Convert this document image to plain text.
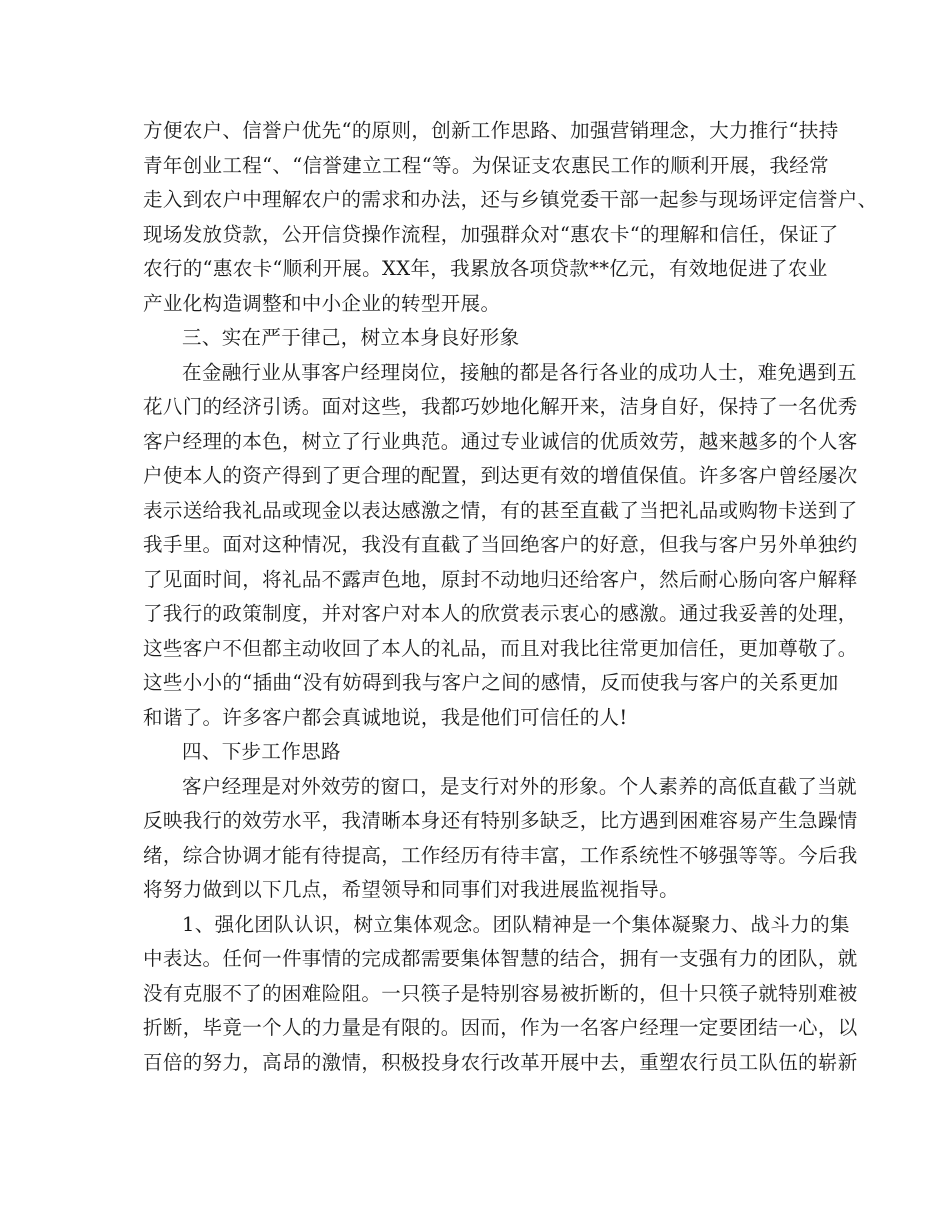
方便农户、信誉户优先“的原则，创新工作思路、加强营销理念，大力推行“扶持
青年创业工程“、“信誉建立工程“等。为保证支农惠民工作的顺利开展，我经常
走入到农户中理解农户的需求和办法，还与乡镇党委干部一起参与现场评定信誉户、
现场发放贷款，公开信贷操作流程，加强群众对“惠农卡“的理解和信任，保证了
农行的“惠农卡“顺利开展。XX年，我累放各项贷款**亿元，有效地促进了农业
产业化构造调整和中小企业的转型开展。
三、实在严于律己，树立本身良好形象
在金融行业从事客户经理岗位，接触的都是各行各业的成功人士，难免遇到五
花八门的经济引诱。面对这些，我都巧妙地化解开来，洁身自好，保持了一名优秀
客户经理的本色，树立了行业典范。通过专业诚信的优质效劳，越来越多的个人客
户使本人的资产得到了更合理的配置，到达更有效的增值保值。许多客户曾经屡次
表示送给我礼品或现金以表达感激之情，有的甚至直截了当把礼品或购物卡送到了
我手里。面对这种情况，我没有直截了当回绝客户的好意，但我与客户另外单独约
了见面时间，将礼品不露声色地，原封不动地归还给客户，然后耐心肠向客户解释
了我行的政策制度，并对客户对本人的欣赏表示衷心的感激。通过我妥善的处理，
这些客户不但都主动收回了本人的礼品，而且对我比往常更加信任，更加尊敬了。
这些小小的“插曲“没有妨碍到我与客户之间的感情，反而使我与客户的关系更加
和谐了。许多客户都会真诚地说，我是他们可信任的人!
四、下步工作思路
客户经理是对外效劳的窗口，是支行对外的形象。个人素养的高低直截了当就
反映我行的效劳水平，我清晰本身还有特别多缺乏，比方遇到困难容易产生急躁情
绪，综合协调才能有待提高，工作经历有待丰富，工作系统性不够强等等。今后我
将努力做到以下几点，希望领导和同事们对我进展监视指导。
1、强化团队认识，树立集体观念。团队精神是一个集体凝聚力、战斗力的集
中表达。任何一件事情的完成都需要集体智慧的结合，拥有一支强有力的团队，就
没有克服不了的困难险阻。一只筷子是特别容易被折断的，但十只筷子就特别难被
折断，毕竟一个人的力量是有限的。因而，作为一名客户经理一定要团结一心，以
百倍的努力，高昂的激情，积极投身农行改革开展中去，重塑农行员工队伍的崭新
